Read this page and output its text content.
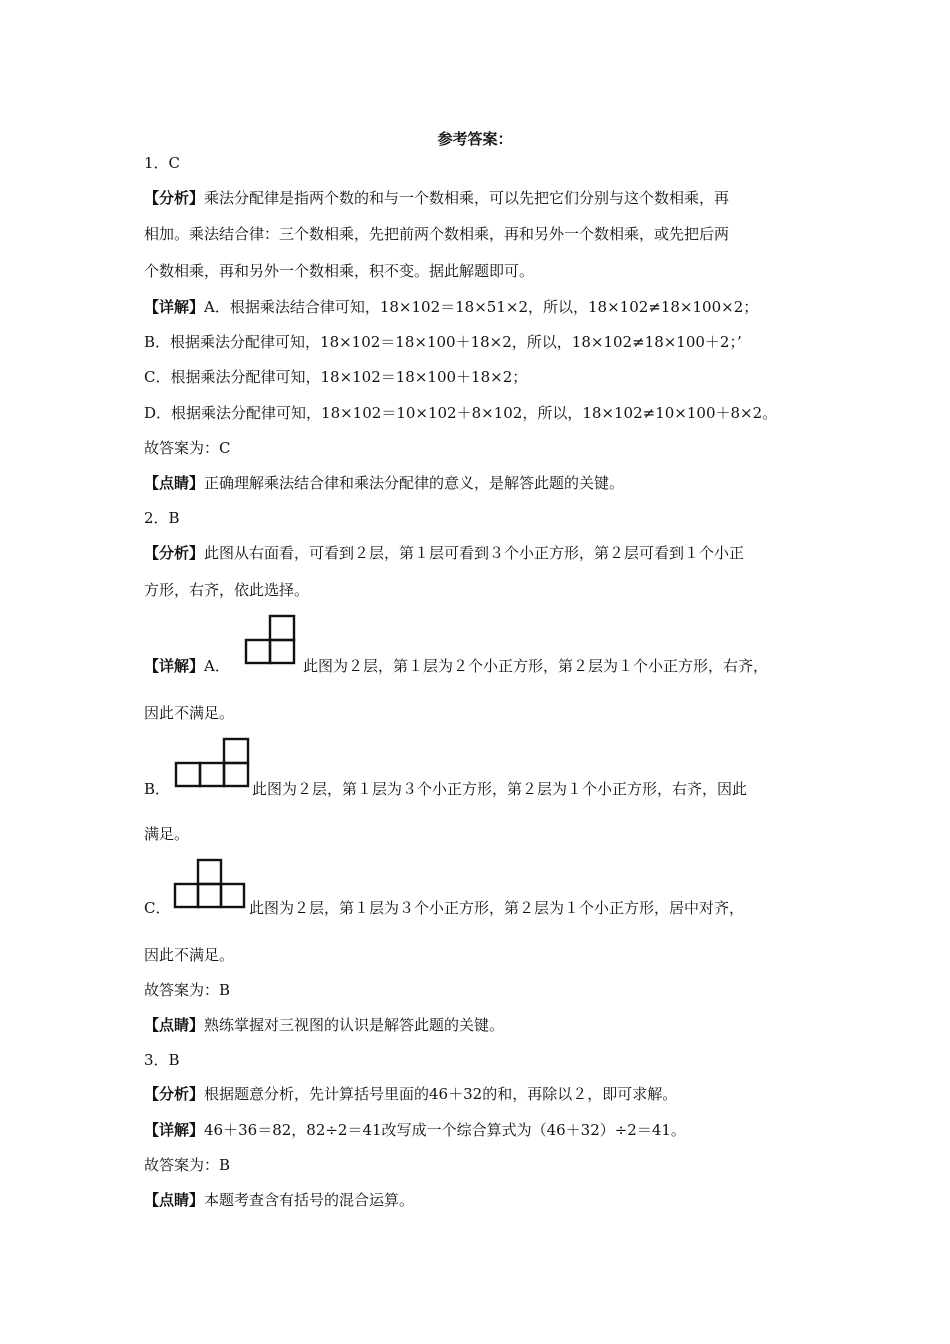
参考答案：
1．C
【分析】乘法分配律是指两个数的和与一个数相乘，可以先把它们分别与这个数相乘，再
相加。乘法结合律：三个数相乘，先把前两个数相乘，再和另外一个数相乘，或先把后两
个数相乘，再和另外一个数相乘，积不变。据此解题即可。
【详解】A．根据乘法结合律可知，18×102＝18×51×2，所以，18×102≠18×100×2；
B．根据乘法分配律可知，18×102＝18×100＋18×2，所以，18×102≠18×100＋2；’
C．根据乘法分配律可知，18×102＝18×100＋18×2；
D．根据乘法分配律可知，18×102＝10×102＋8×102，所以，18×102≠10×100＋8×2。
故答案为：C
【点睛】正确理解乘法结合律和乘法分配律的意义，是解答此题的关键。
2．B
【分析】此图从右面看，可看到２层，第１层可看到３个小正方形，第２层可看到１个小正
方形，右齐，依此选择。
【详解】A．	此图为２层，第１层为２个小正方形，第２层为１个小正方形，右齐，
因此不满足。
B．	此图为２层，第１层为３个小正方形，第２层为１个小正方形，右齐，因此
满足。
C．	此图为２层，第１层为３个小正方形，第２层为１个小正方形，居中对齐，
因此不满足。
故答案为：B
【点睛】熟练掌握对三视图的认识是解答此题的关键。
3．B
【分析】根据题意分析，先计算括号里面的46＋32的和，再除以２，即可求解。
【详解】46＋36＝82，82÷2＝41改写成一个综合算式为（46＋32）÷2＝41。
故答案为：B
【点睛】本题考查含有括号的混合运算。
